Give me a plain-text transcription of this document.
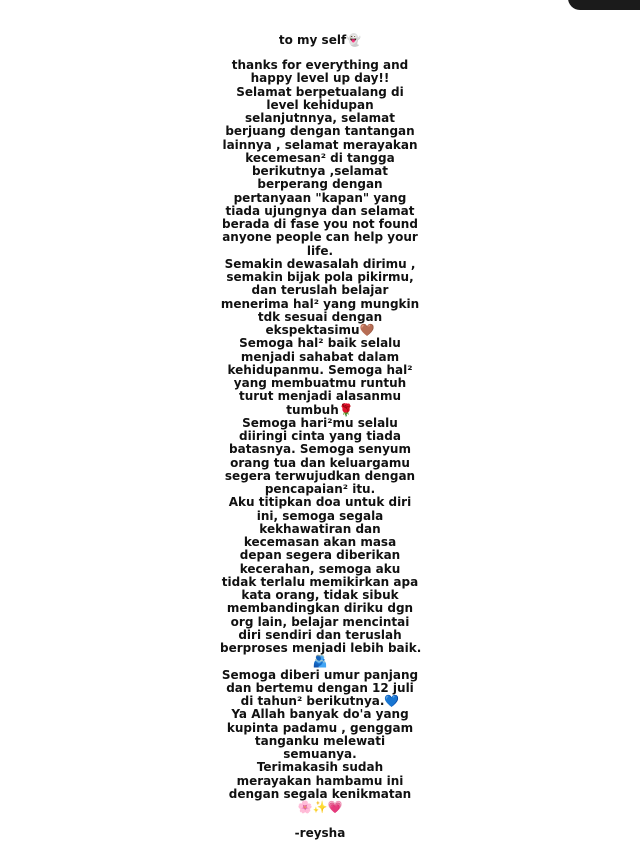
to my self👻
thanks for everything and
happy level up day!!
Selamat berpetualang di
level kehidupan
selanjutnnya, selamat
berjuang dengan tantangan
lainnya , selamat merayakan
kecemesan² di tangga
berikutnya ,selamat
berperang dengan
pertanyaan "kapan" yang
tiada ujungnya dan selamat
berada di fase you not found
anyone people can help your
life.
Semakin dewasalah dirimu ,
semakin bijak pola pikirmu,
dan teruslah belajar
menerima hal² yang mungkin
tdk sesuai dengan
ekspektasimu🤎
Semoga hal² baik selalu
menjadi sahabat dalam
kehidupanmu. Semoga hal²
yang membuatmu runtuh
turut menjadi alasanmu
tumbuh🌹
Semoga hari²mu selalu
diiringi cinta yang tiada
batasnya. Semoga senyum
orang tua dan keluargamu
segera terwujudkan dengan
pencapaian² itu.
Aku titipkan doa untuk diri
ini, semoga segala
kekhawatiran dan
kecemasan akan masa
depan segera diberikan
kecerahan, semoga aku
tidak terlalu memikirkan apa
kata orang, tidak sibuk
membandingkan diriku dgn
org lain, belajar mencintai
diri sendiri dan teruslah
berproses menjadi lebih baik.
🫂
Semoga diberi umur panjang
dan bertemu dengan 12 juli
di tahun² berikutnya.💙
Ya Allah banyak do'a yang
kupinta padamu , genggam
tanganku melewati
semuanya.
Terimakasih sudah
merayakan hambamu ini
dengan segala kenikmatan
🌸✨💗
-reysha
